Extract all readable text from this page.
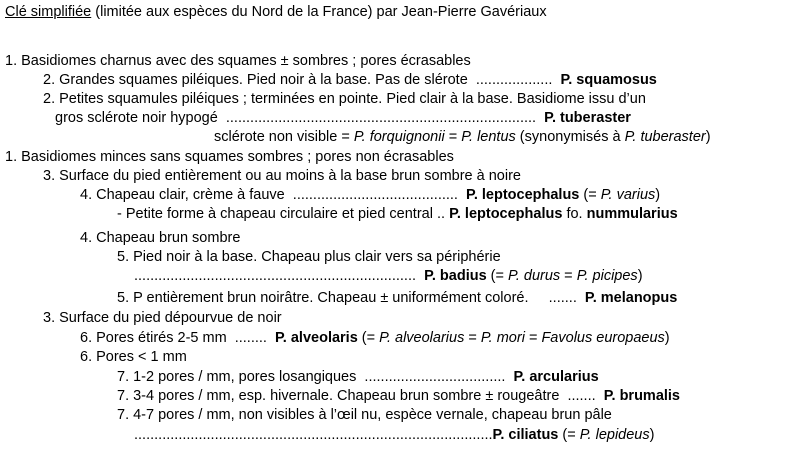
Clé simplifiée (limitée aux espèces du Nord de la France) par Jean-Pierre Gavériaux
1. Basidiomes charnus avec des squames ± sombres ; pores écrasables
2. Grandes squames piléiques. Pied noir à la base. Pas de slérote  ...................  P. squamosus
2. Petites squamules piléiques ; terminées en pointe. Pied clair à la base. Basidiome issu d’un
gros sclérote noir hypogé  .............................................................................  P. tuberaster
sclérote non visible = P. forquignonii = P. lentus (synonymisés à P. tuberaster)
1. Basidiomes minces sans squames sombres ; pores non écrasables
3. Surface du pied entièrement ou au moins à la base brun sombre à noire
4. Chapeau clair, crème à fauve  .........................................  P. leptocephalus (= P. varius)
- Petite forme à chapeau circulaire et pied central .. P. leptocephalus fo. nummularius
4. Chapeau brun sombre
5. Pied noir à la base. Chapeau plus clair vers sa périphérie
......................................................................  P. badius (= P. durus = P. picipes)
5. P entièrement brun noirâtre. Chapeau ± uniformément coloré.     .......  P. melanopus
3. Surface du pied dépourvue de noir
6. Pores étirés 2-5 mm  ........  P. alveolaris (= P. alveolarius = P. mori = Favolus europaeus)
6. Pores < 1 mm
7. 1-2 pores / mm, pores losangiques  ...................................  P. arcularius
7. 3-4 pores / mm, esp. hivernale. Chapeau brun sombre ± rougeâtre  .......  P. brumalis
7. 4-7 pores / mm, non visibles à l’œil nu, espèce vernale, chapeau brun pâle
.........................................................................................P. ciliatus (= P. lepideus)
